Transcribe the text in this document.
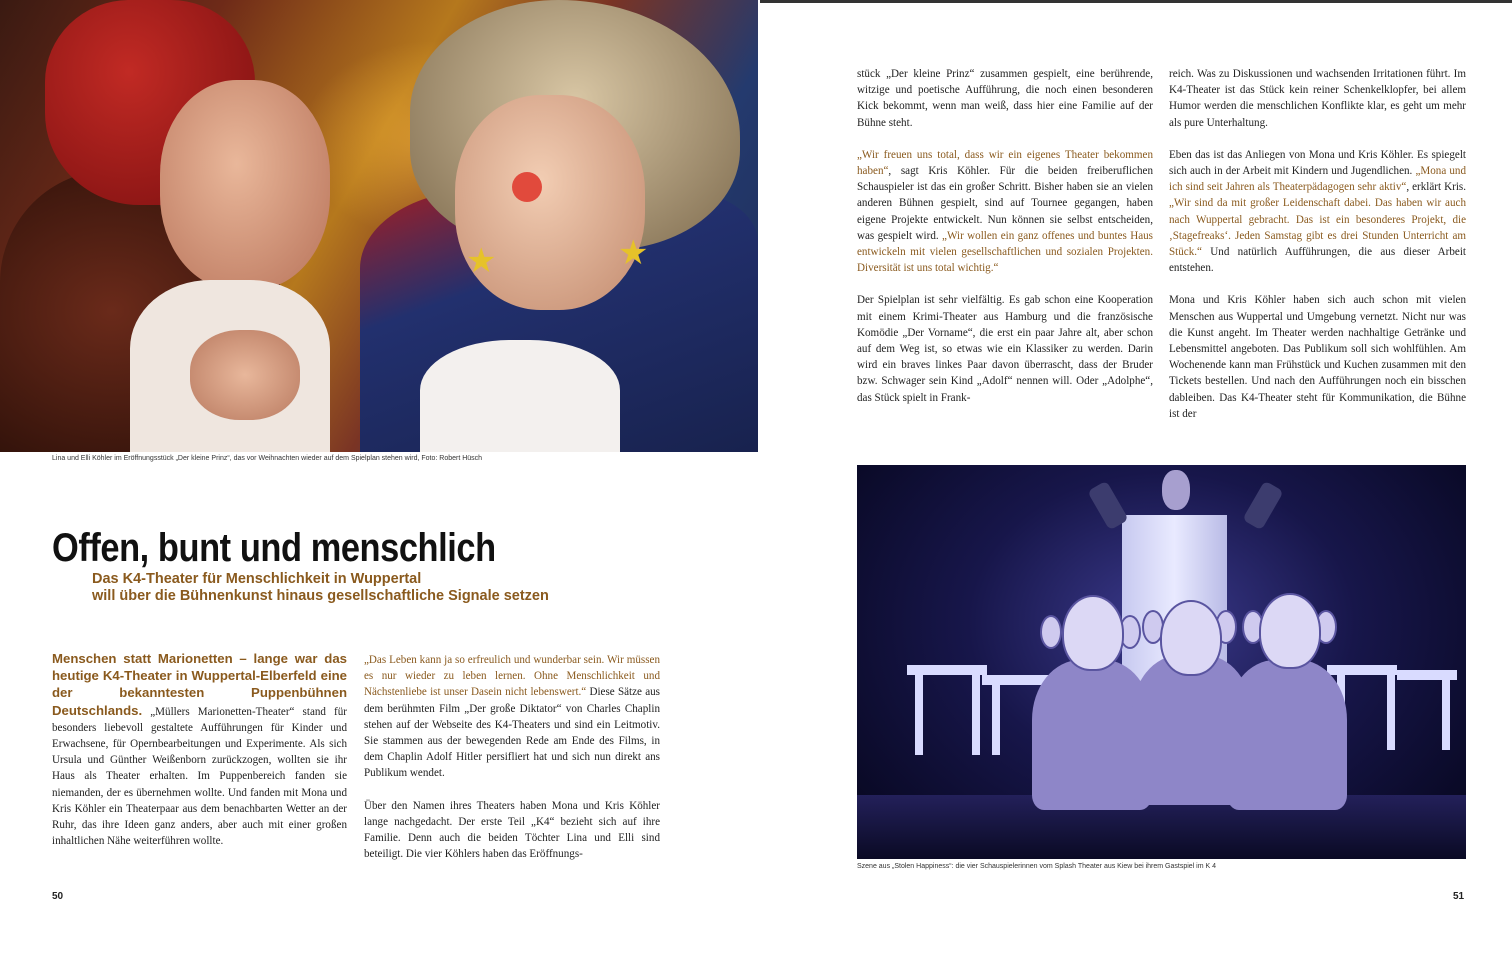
★	★
Lina und Elli Köhler im Eröffnungsstück „Der kleine Prinz“, das vor Weihnachten wieder auf dem Spielplan stehen wird, Foto: Robert Hüsch
Offen, bunt und menschlich
Das K4-Theater für Menschlichkeit in Wuppertal
will über die Bühnenkunst hinaus gesellschaftliche Signale setzen

Menschen statt Marionetten – lange war das heutige K4-Theater in Wuppertal-Elberfeld eine der bekanntesten Puppenbühnen Deutschlands. „Müllers Marionetten-Theater“ stand für besonders liebevoll gestaltete Aufführungen für Kinder und Erwachsene, für Opernbearbeitungen und Experimente. Als sich Ursula und Günther Weißenborn zurückzogen, wollten sie ihr Haus als Theater erhalten. Im Puppenbereich fanden sie niemanden, der es übernehmen wollte. Und fanden mit Mona und Kris Köhler ein Theaterpaar aus dem benachbarten Wetter an der Ruhr, das ihre Ideen ganz anders, aber auch mit einer großen inhaltlichen Nähe weiterführen wollte.

„Das Leben kann ja so erfreulich und wunderbar sein. Wir müssen es nur wieder zu leben lernen. Ohne Menschlichkeit und Nächstenliebe ist unser Dasein nicht lebenswert.“ Diese Sätze aus dem berühmten Film „Der große Diktator“ von Charles Chaplin stehen auf der Webseite des K4-Theaters und sind ein Leitmotiv. Sie stammen aus der bewegenden Rede am Ende des Films, in dem Chaplin Adolf Hitler persifliert hat und sich nun direkt ans Publikum wendet.

Über den Namen ihres Theaters haben Mona und Kris Köhler lange nachgedacht. Der erste Teil „K4“ bezieht sich auf ihre Familie. Denn auch die beiden Töchter Lina und Elli sind beteiligt. Die vier Köhlers haben das Eröffnungs-

50

stück „Der kleine Prinz“ zusammen gespielt, eine berührende, witzige und poetische Aufführung, die noch einen besonderen Kick bekommt, wenn man weiß, dass hier eine Familie auf der Bühne steht.

„Wir freuen uns total, dass wir ein eigenes Theater bekommen haben“, sagt Kris Köhler. Für die beiden freiberuflichen Schauspieler ist das ein großer Schritt. Bisher haben sie an vielen anderen Bühnen gespielt, sind auf Tournee gegangen, haben eigene Projekte entwickelt. Nun können sie selbst entscheiden, was gespielt wird. „Wir wollen ein ganz offenes und buntes Haus entwickeln mit vielen gesellschaftlichen und sozialen Projekten. Diversität ist uns total wichtig.“

Der Spielplan ist sehr vielfältig. Es gab schon eine Kooperation mit einem Krimi-Theater aus Hamburg und die französische Komödie „Der Vorname“, die erst ein paar Jahre alt, aber schon auf dem Weg ist, so etwas wie ein Klassiker zu werden. Darin wird ein braves linkes Paar davon überrascht, dass der Bruder bzw. Schwager sein Kind „Adolf“ nennen will. Oder „Adolphe“, das Stück spielt in Frank-

reich. Was zu Diskussionen und wachsenden Irritationen führt. Im K4-Theater ist das Stück kein reiner Schenkelklopfer, bei allem Humor werden die menschlichen Konflikte klar, es geht um mehr als pure Unterhaltung.

Eben das ist das Anliegen von Mona und Kris Köhler. Es spiegelt sich auch in der Arbeit mit Kindern und Jugendlichen. „Mona und ich sind seit Jahren als Theaterpädagogen sehr aktiv“, erklärt Kris. „Wir sind da mit großer Leidenschaft dabei. Das haben wir auch nach Wuppertal gebracht. Das ist ein besonderes Projekt, die ‚Stagefreaks‘. Jeden Samstag gibt es drei Stunden Unterricht am Stück.“ Und natürlich Aufführungen, die aus dieser Arbeit entstehen.

Mona und Kris Köhler haben sich auch schon mit vielen Menschen aus Wuppertal und Umgebung vernetzt. Nicht nur was die Kunst angeht. Im Theater werden nachhaltige Getränke und Lebensmittel angeboten. Das Publikum soll sich wohlfühlen. Am Wochenende kann man Frühstück und Kuchen zusammen mit den Tickets bestellen. Und nach den Aufführungen noch ein bisschen dableiben. Das K4-Theater steht für Kommunikation, die Bühne ist der

Szene aus „Stolen Happiness“: die vier Schauspielerinnen vom Splash Theater aus Kiew bei ihrem Gastspiel im K 4
51
